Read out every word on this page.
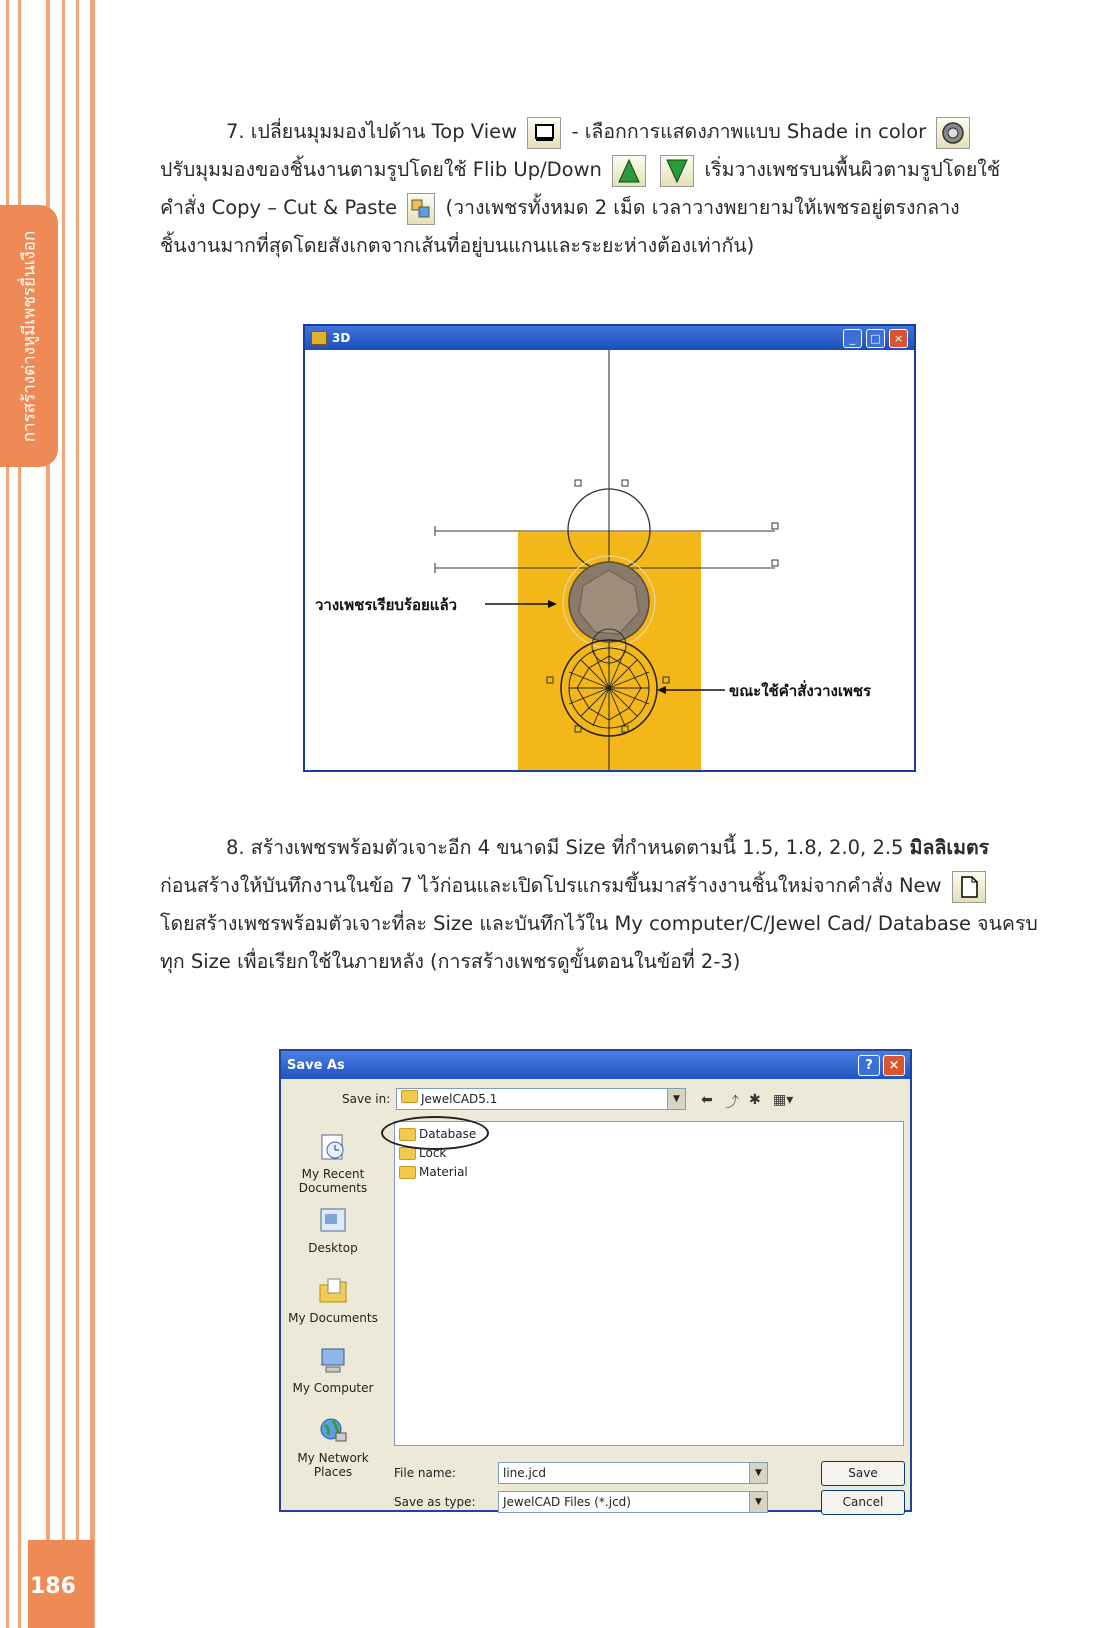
การสร้างต่างหูมีเพชรยื่นเงือก
186
7. เปลี่ยนมุมมองไปด้าน Top View	- เลือกการแสดงภาพแบบ Shade in color
ปรับมุมมองของชิ้นงานตามรูปโดยใช้ Flib Up/Down	เริ่มวางเพชรบนพื้นผิวตามรูปโดยใช้
คำสั่ง Copy – Cut & Paste (วางเพชรทั้งหมด 2 เม็ด เวลาวางพยายามให้เพชรอยู่ตรงกลาง
ชิ้นงานมากที่สุดโดยสังเกตจากเส้นที่อยู่บนแกนและระยะห่างต้องเท่ากัน)
3D	_	□	×
วางเพชรเรียบร้อยแล้ว
ขณะใช้คำสั่งวางเพชร
8. สร้างเพชรพร้อมตัวเจาะอีก 4 ขนาดมี Size ที่กำหนดตามนี้ 1.5, 1.8, 2.0, 2.5 มิลลิเมตร
ก่อนสร้างให้บันทึกงานในข้อ 7 ไว้ก่อนและเปิดโปรแกรมขึ้นมาสร้างงานชิ้นใหม่จากคำสั่ง New
โดยสร้างเพชรพร้อมตัวเจาะที่ละ Size และบันทึกไว้ใน My computer/C/Jewel Cad/ Database จนครบ
ทุก Size เพื่อเรียกใช้ในภายหลัง (การสร้างเพชรดูขั้นตอนในข้อที่ 2-3)
Save As	?	×
Save in:	JewelCAD5.1	▼	⬅ ⤴ ✱ ▦▾
My Recent Documents
Desktop
My Documents
My Computer
My Network Places
Database
Lock
Material
File name:	line.jcd	▼
Save as type:	JewelCAD Files (*.jcd)	▼
Save
Cancel
